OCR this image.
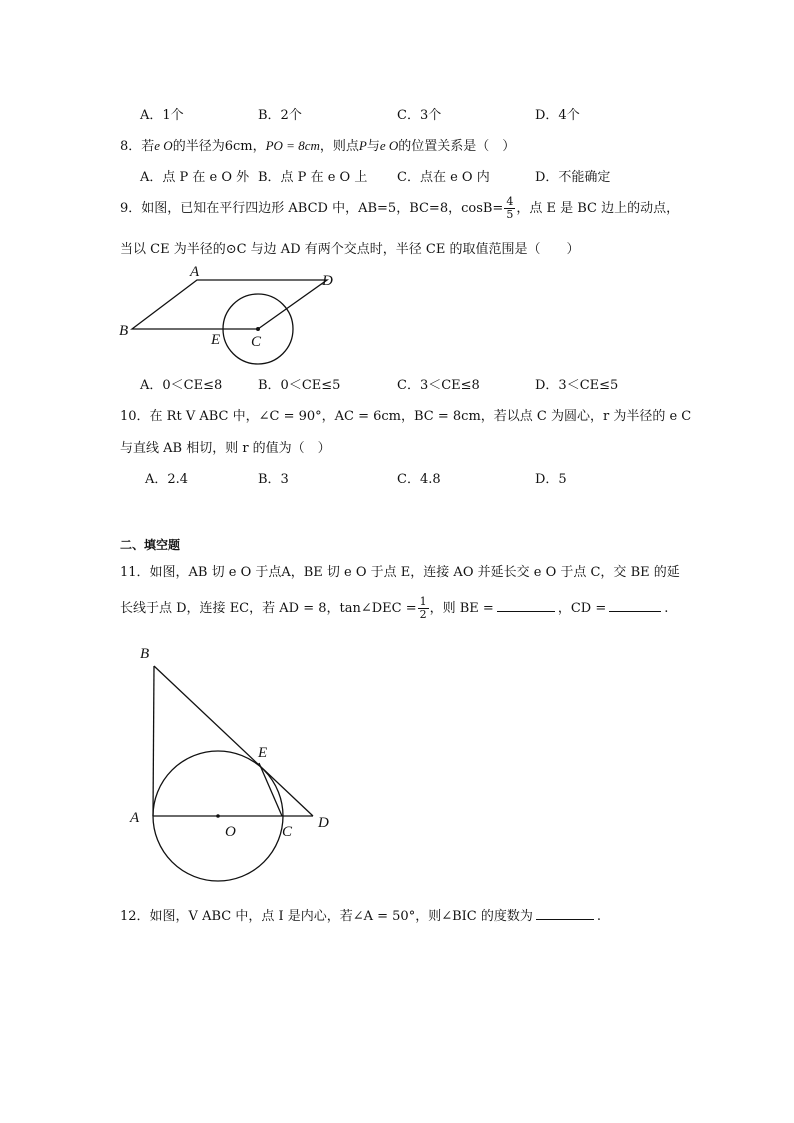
A．1个	B．2个	C．3个	D．4个
8．若e O的半径为6cm，PO = 8cm，则点P与e O的位置关系是（　）
A．点 P 在 e O 外 B．点 P 在 e O 上 C．点在 e O 内	D．不能确定
9．如图，已知在平行四边形 ABCD 中，AB=5，BC=8，$\cos B= \frac{4}{5}$ ，点 E 是 BC 边上的动点，
当以 CE 为半径的⊙C 与边 AD 有两个交点时，半径 CE 的取值范围是（　　）
A
B
D
E C
A．0＜CE≤8	B．0＜CE≤5	C．3＜CE≤8	D．3＜CE≤5
10．在 Rt V ABC 中，∠C = 90°，AC = 6cm，BC = 8cm，若以点 C 为圆心，r 为半径的 e C
与直线 AB 相切，则 r 的值为（　）
A．2.4	B．3	C．4.8	D．5
二、填空题
11．如图，AB 切 e O 于点A，BE 切 e O 于点 E，连接 AO 并延长交 e O 于点 C，交 BE 的延
长线于点 D，连接 EC，若 AD = 8，tan∠DEC = $\frac{1}{2}$ ，则 BE =	，CD =	.
B
E
A
O	C
D
12．如图，V ABC 中，点 I 是内心，若∠A = 50°，则∠BIC 的度数为	.
